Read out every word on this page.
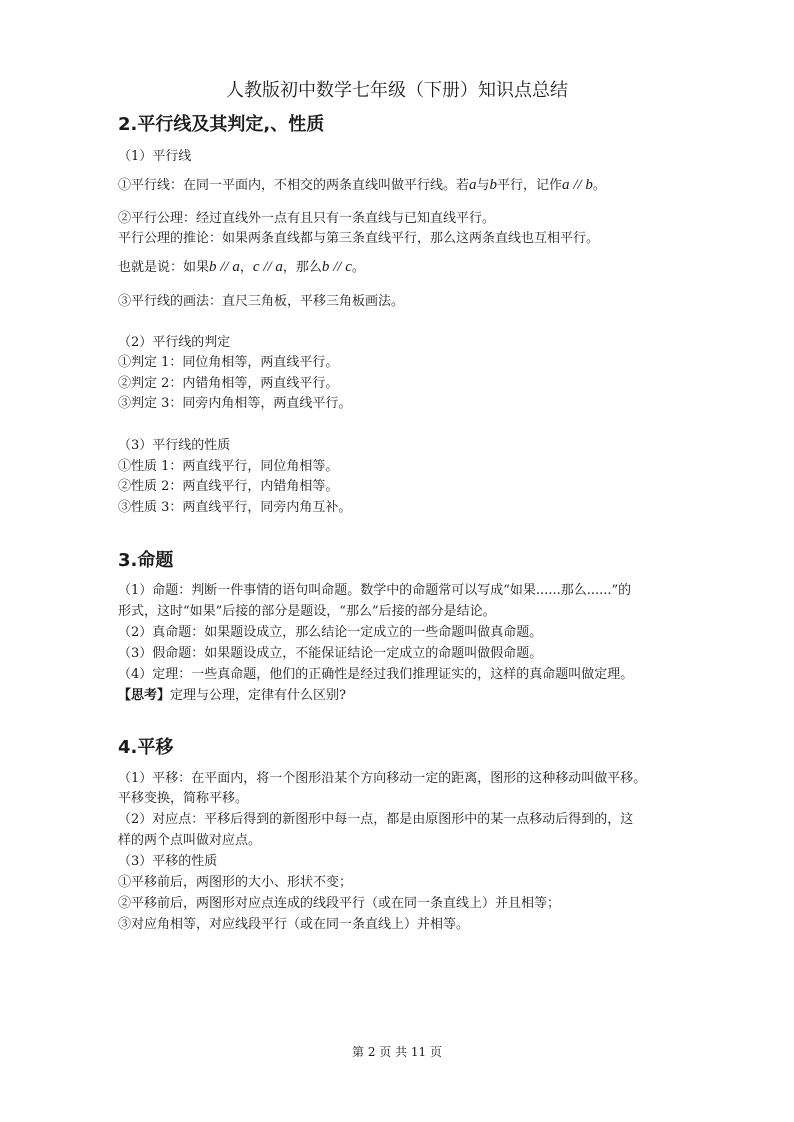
人教版初中数学七年级（下册）知识点总结
2.平行线及其判定,、性质
（1）平行线
①平行线：在同一平面内，不相交的两条直线叫做平行线。若a与b平行，记作a // b。
②平行公理：经过直线外一点有且只有一条直线与已知直线平行。
平行公理的推论：如果两条直线都与第三条直线平行，那么这两条直线也互相平行。
也就是说：如果b // a，c // a，那么b // c。
③平行线的画法：直尺三角板，平移三角板画法。
（2）平行线的判定
①判定 1：同位角相等，两直线平行。
②判定 2：内错角相等，两直线平行。
③判定 3：同旁内角相等，两直线平行。
（3）平行线的性质
①性质 1：两直线平行，同位角相等。
②性质 2：两直线平行，内错角相等。
③性质 3：两直线平行，同旁内角互补。
3.命题
（1）命题：判断一件事情的语句叫命题。数学中的命题常可以写成“如果......那么......”的
形式，这时“如果”后接的部分是题设，“那么”后接的部分是结论。
（2）真命题：如果题设成立，那么结论一定成立的一些命题叫做真命题。
（3）假命题：如果题设成立，不能保证结论一定成立的命题叫做假命题。
（4）定理：一些真命题，他们的正确性是经过我们推理证实的，这样的真命题叫做定理。
【思考】定理与公理，定律有什么区别?
4.平移
（1）平移：在平面内，将一个图形沿某个方向移动一定的距离，图形的这种移动叫做平移。
平移变换，简称平移。
（2）对应点：平移后得到的新图形中每一点，都是由原图形中的某一点移动后得到的，这
样的两个点叫做对应点。
（3）平移的性质
①平移前后，两图形的大小、形状不变；
②平移前后，两图形对应点连成的线段平行（或在同一条直线上）并且相等；
③对应角相等，对应线段平行（或在同一条直线上）并相等。
第 2 页 共 11 页
